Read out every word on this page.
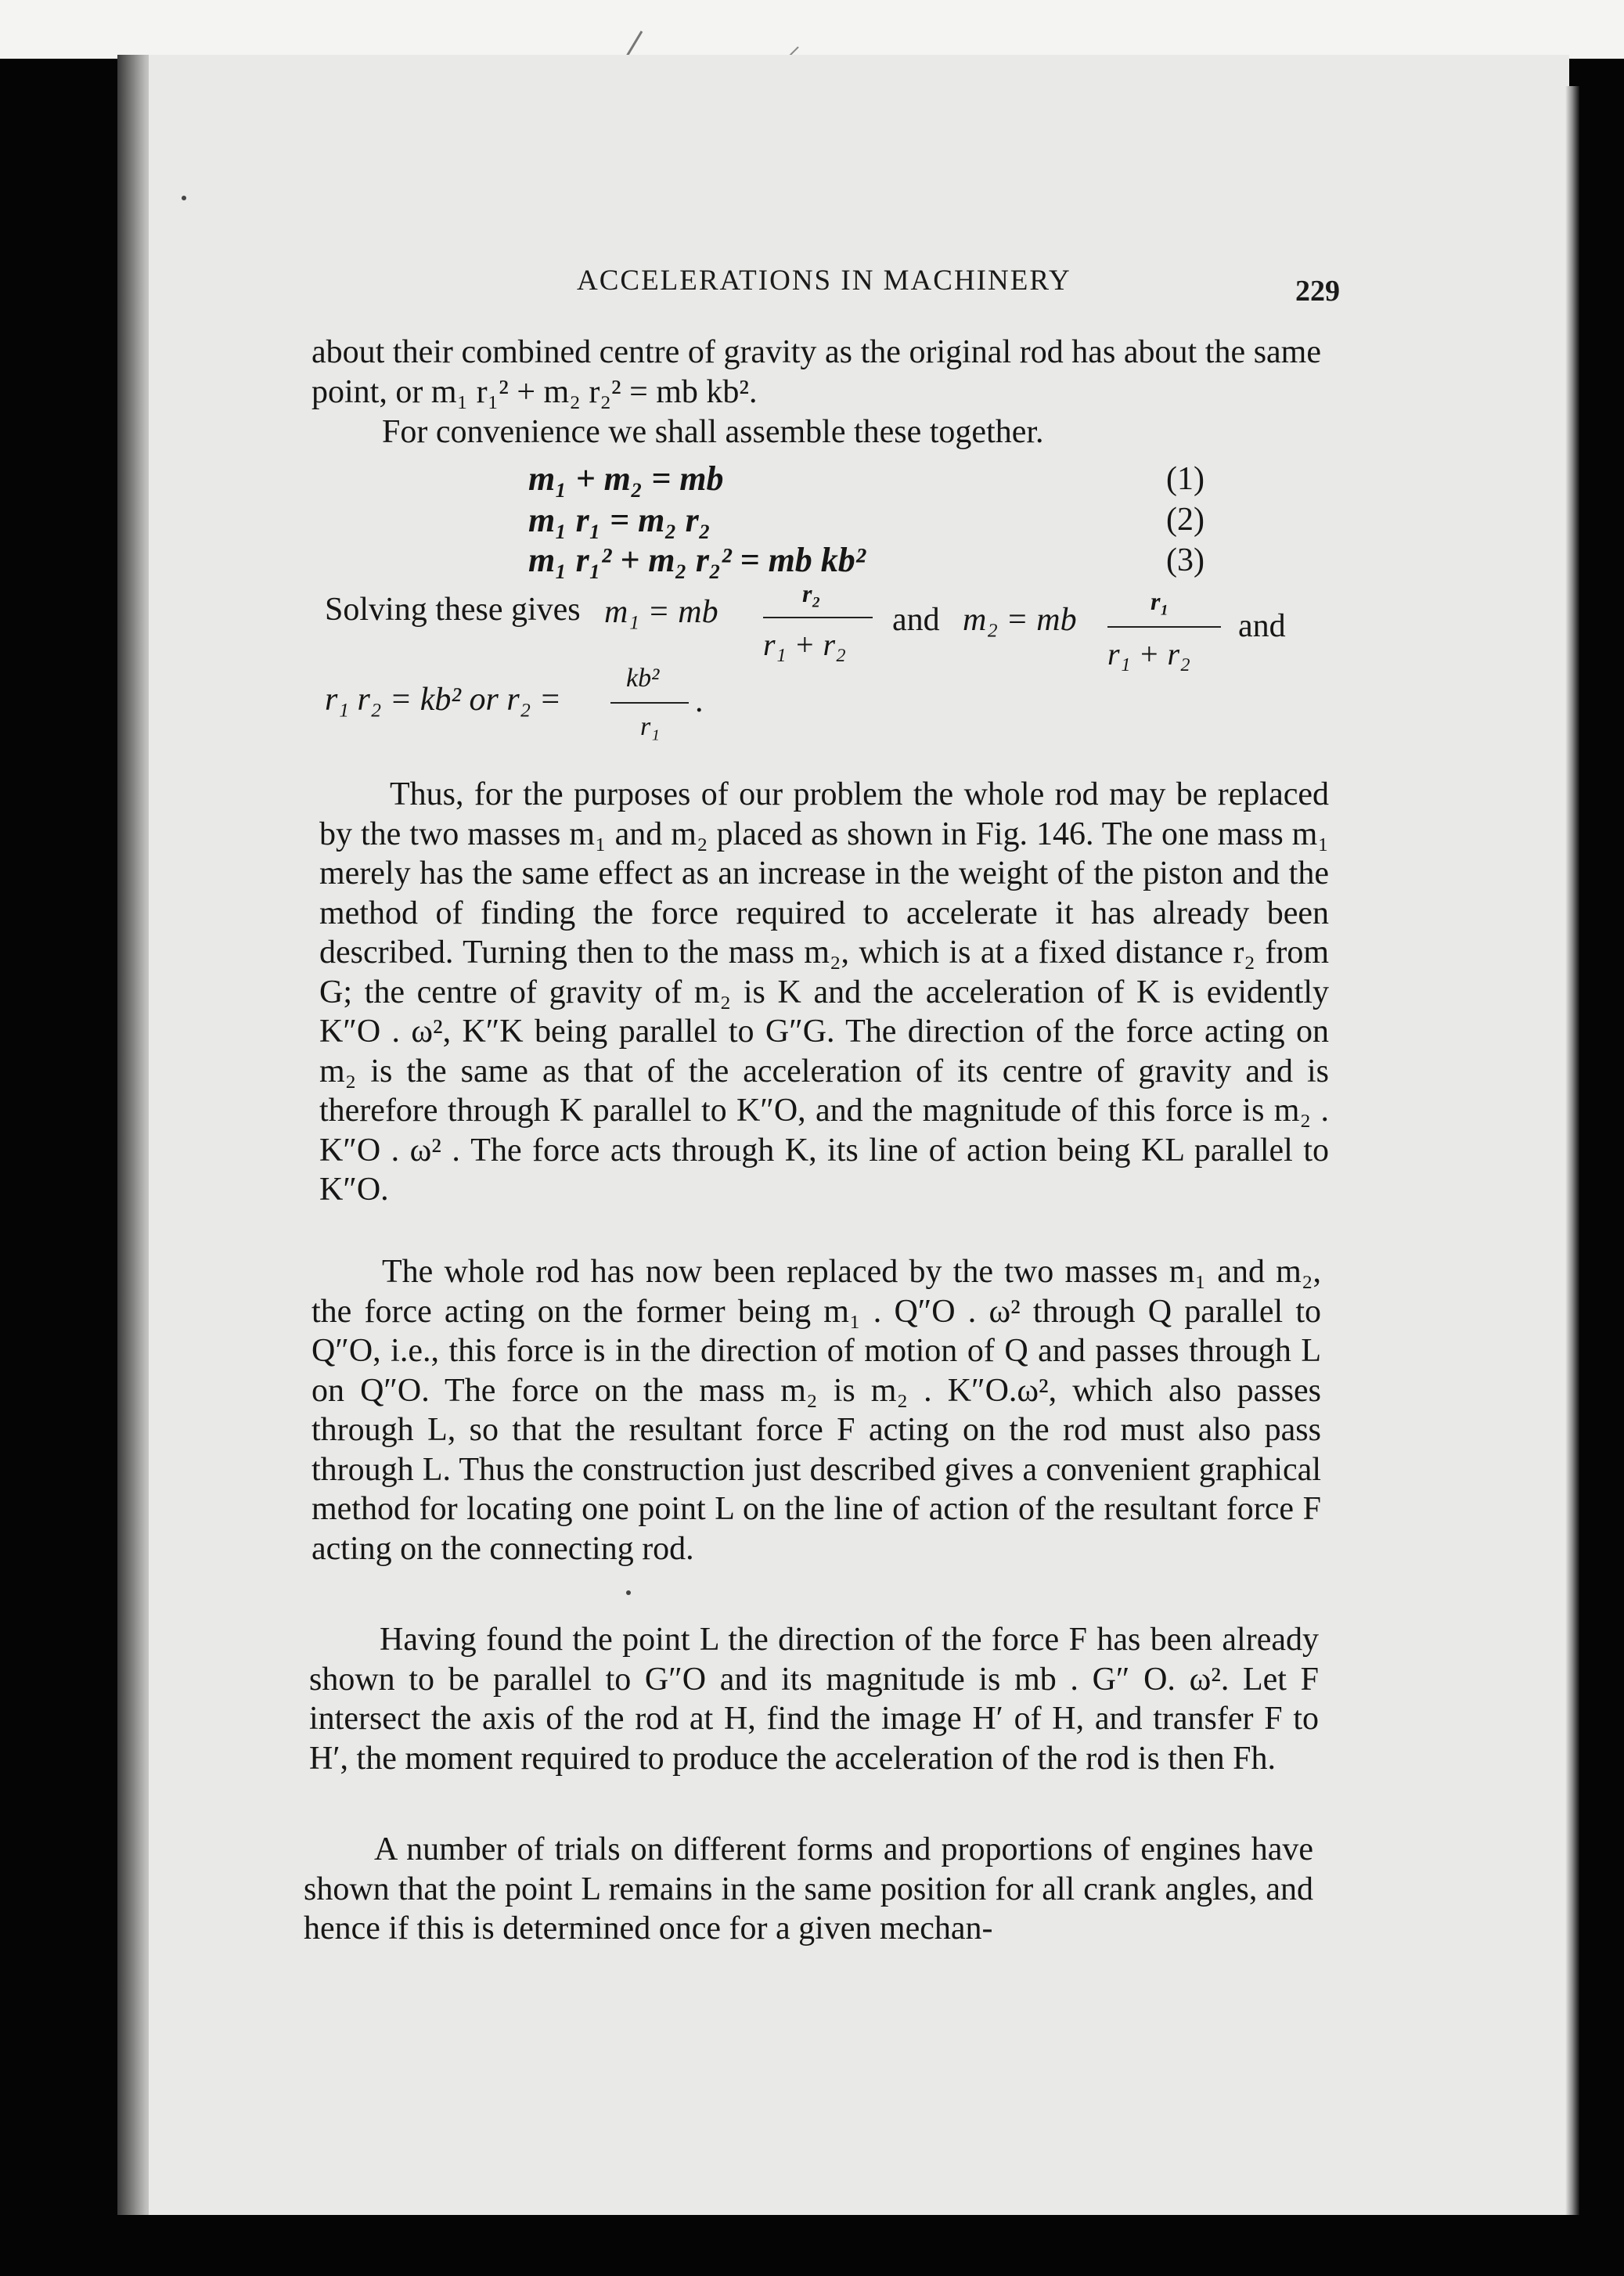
ACCELERATIONS IN MACHINERY	229

about their combined centre of gravity as the original rod has about the same point, or m₁ r₁² + m₂ r₂² = mb kb².

For convenience we shall assemble these together.

m₁ + m₂ = mb	(1)
m₁ r₁ = m₂ r₂	(2)
m₁ r₁² + m₂ r₂² = mb kb²	(3)
Solving these gives m₁ = mb
r₂
r₁ + r₂
and m₂ = mb
r₁
r₁ + r₂
and
r₁ r₂ = kb² or r₂ =
kb²
r₁
.

Thus, for the purposes of our problem the whole rod may be replaced by the two masses m₁ and m₂ placed as shown in Fig. 146. The one mass m₁ merely has the same effect as an increase in the weight of the piston and the method of finding the force required to accelerate it has already been described. Turning then to the mass m₂, which is at a fixed distance r₂ from G; the centre of gravity of m₂ is K and the acceleration of K is evidently K″O . ω², K″K being parallel to G″G. The direction of the force acting on m₂ is the same as that of the acceleration of its centre of gravity and is therefore through K parallel to K″O, and the magnitude of this force is m₂ . K″O . ω² . The force acts through K, its line of action being KL parallel to K″O.

The whole rod has now been replaced by the two masses m₁ and m₂, the force acting on the former being m₁ . Q″O . ω² through Q parallel to Q″O, i.e., this force is in the direction of motion of Q and passes through L on Q″O. The force on the mass m₂ is m₂ . K″O.ω², which also passes through L, so that the resultant force F acting on the rod must also pass through L. Thus the construction just described gives a convenient graphical method for locating one point L on the line of action of the resultant force F acting on the connecting rod.

Having found the point L the direction of the force F has been already shown to be parallel to G″O and its magnitude is mb . G″ O. ω². Let F intersect the axis of the rod at H, find the image H′ of H, and transfer F to H′, the moment required to produce the acceleration of the rod is then Fh.

A number of trials on different forms and proportions of engines have shown that the point L remains in the same position for all crank angles, and hence if this is determined once for a given mechan-
